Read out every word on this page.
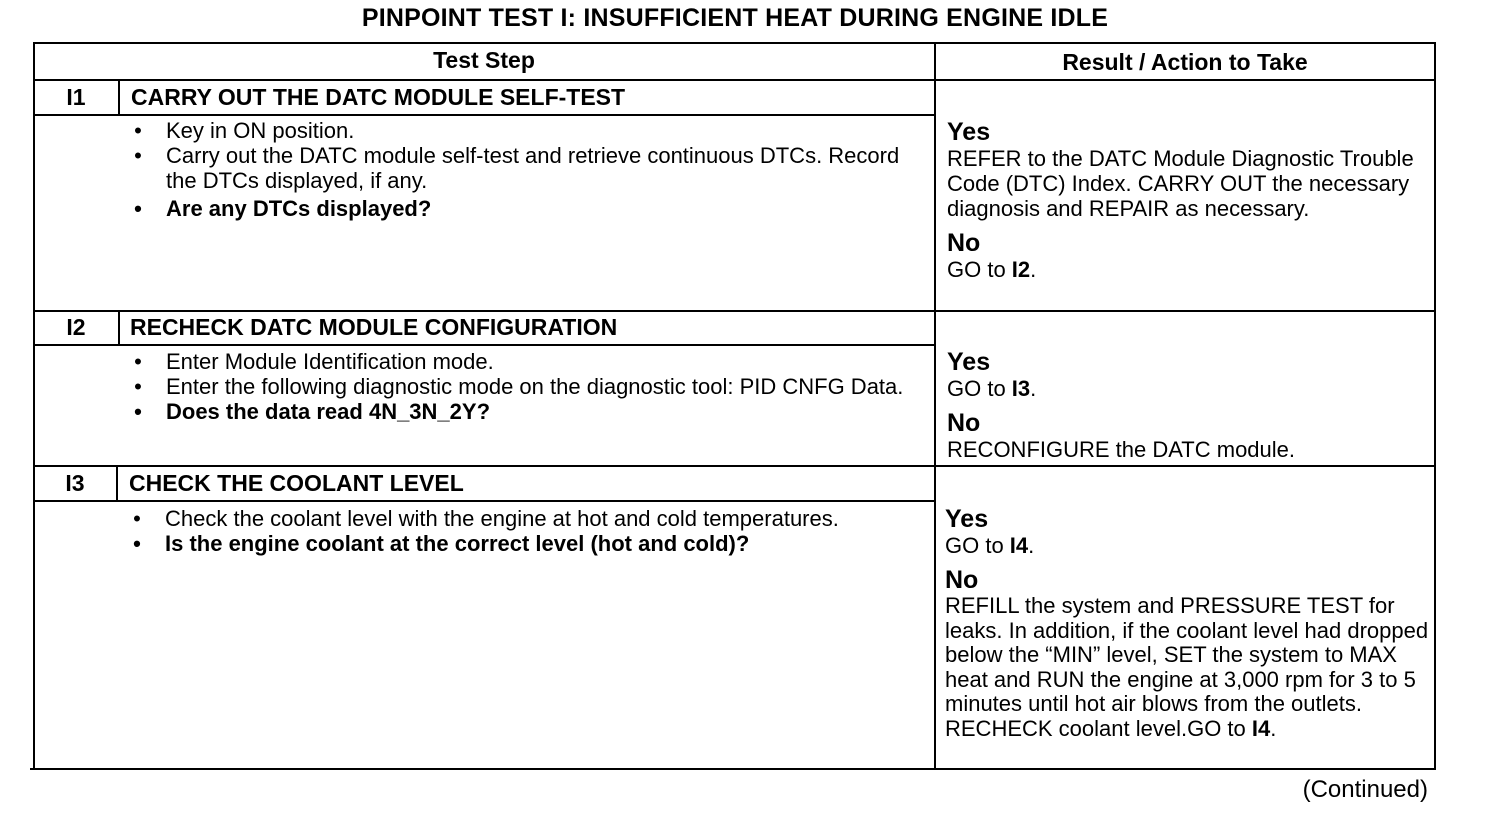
PINPOINT TEST I: INSUFFICIENT HEAT DURING ENGINE IDLE
Test Step	Result / Action to Take
I1	CARRY OUT THE DATC MODULE SELF-TEST
• Key in ON position.
• Carry out the DATC module self-test and retrieve continuous DTCs. Record the DTCs displayed, if any.
• Are any DTCs displayed?
Yes
REFER to the DATC Module Diagnostic Trouble Code (DTC) Index. CARRY OUT the necessary diagnosis and REPAIR as necessary.
No
GO to I2.
I2	RECHECK DATC MODULE CONFIGURATION
• Enter Module Identification mode.
• Enter the following diagnostic mode on the diagnostic tool: PID CNFG Data.
• Does the data read 4N_3N_2Y?
Yes
GO to I3.
No
RECONFIGURE the DATC module.
I3	CHECK THE COOLANT LEVEL
• Check the coolant level with the engine at hot and cold temperatures.
• Is the engine coolant at the correct level (hot and cold)?
Yes
GO to I4.
No
REFILL the system and PRESSURE TEST for leaks. In addition, if the coolant level had dropped below the “MIN” level, SET the system to MAX heat and RUN the engine at 3,000 rpm for 3 to 5 minutes until hot air blows from the outlets. RECHECK coolant level.GO to I4.
(Continued)
